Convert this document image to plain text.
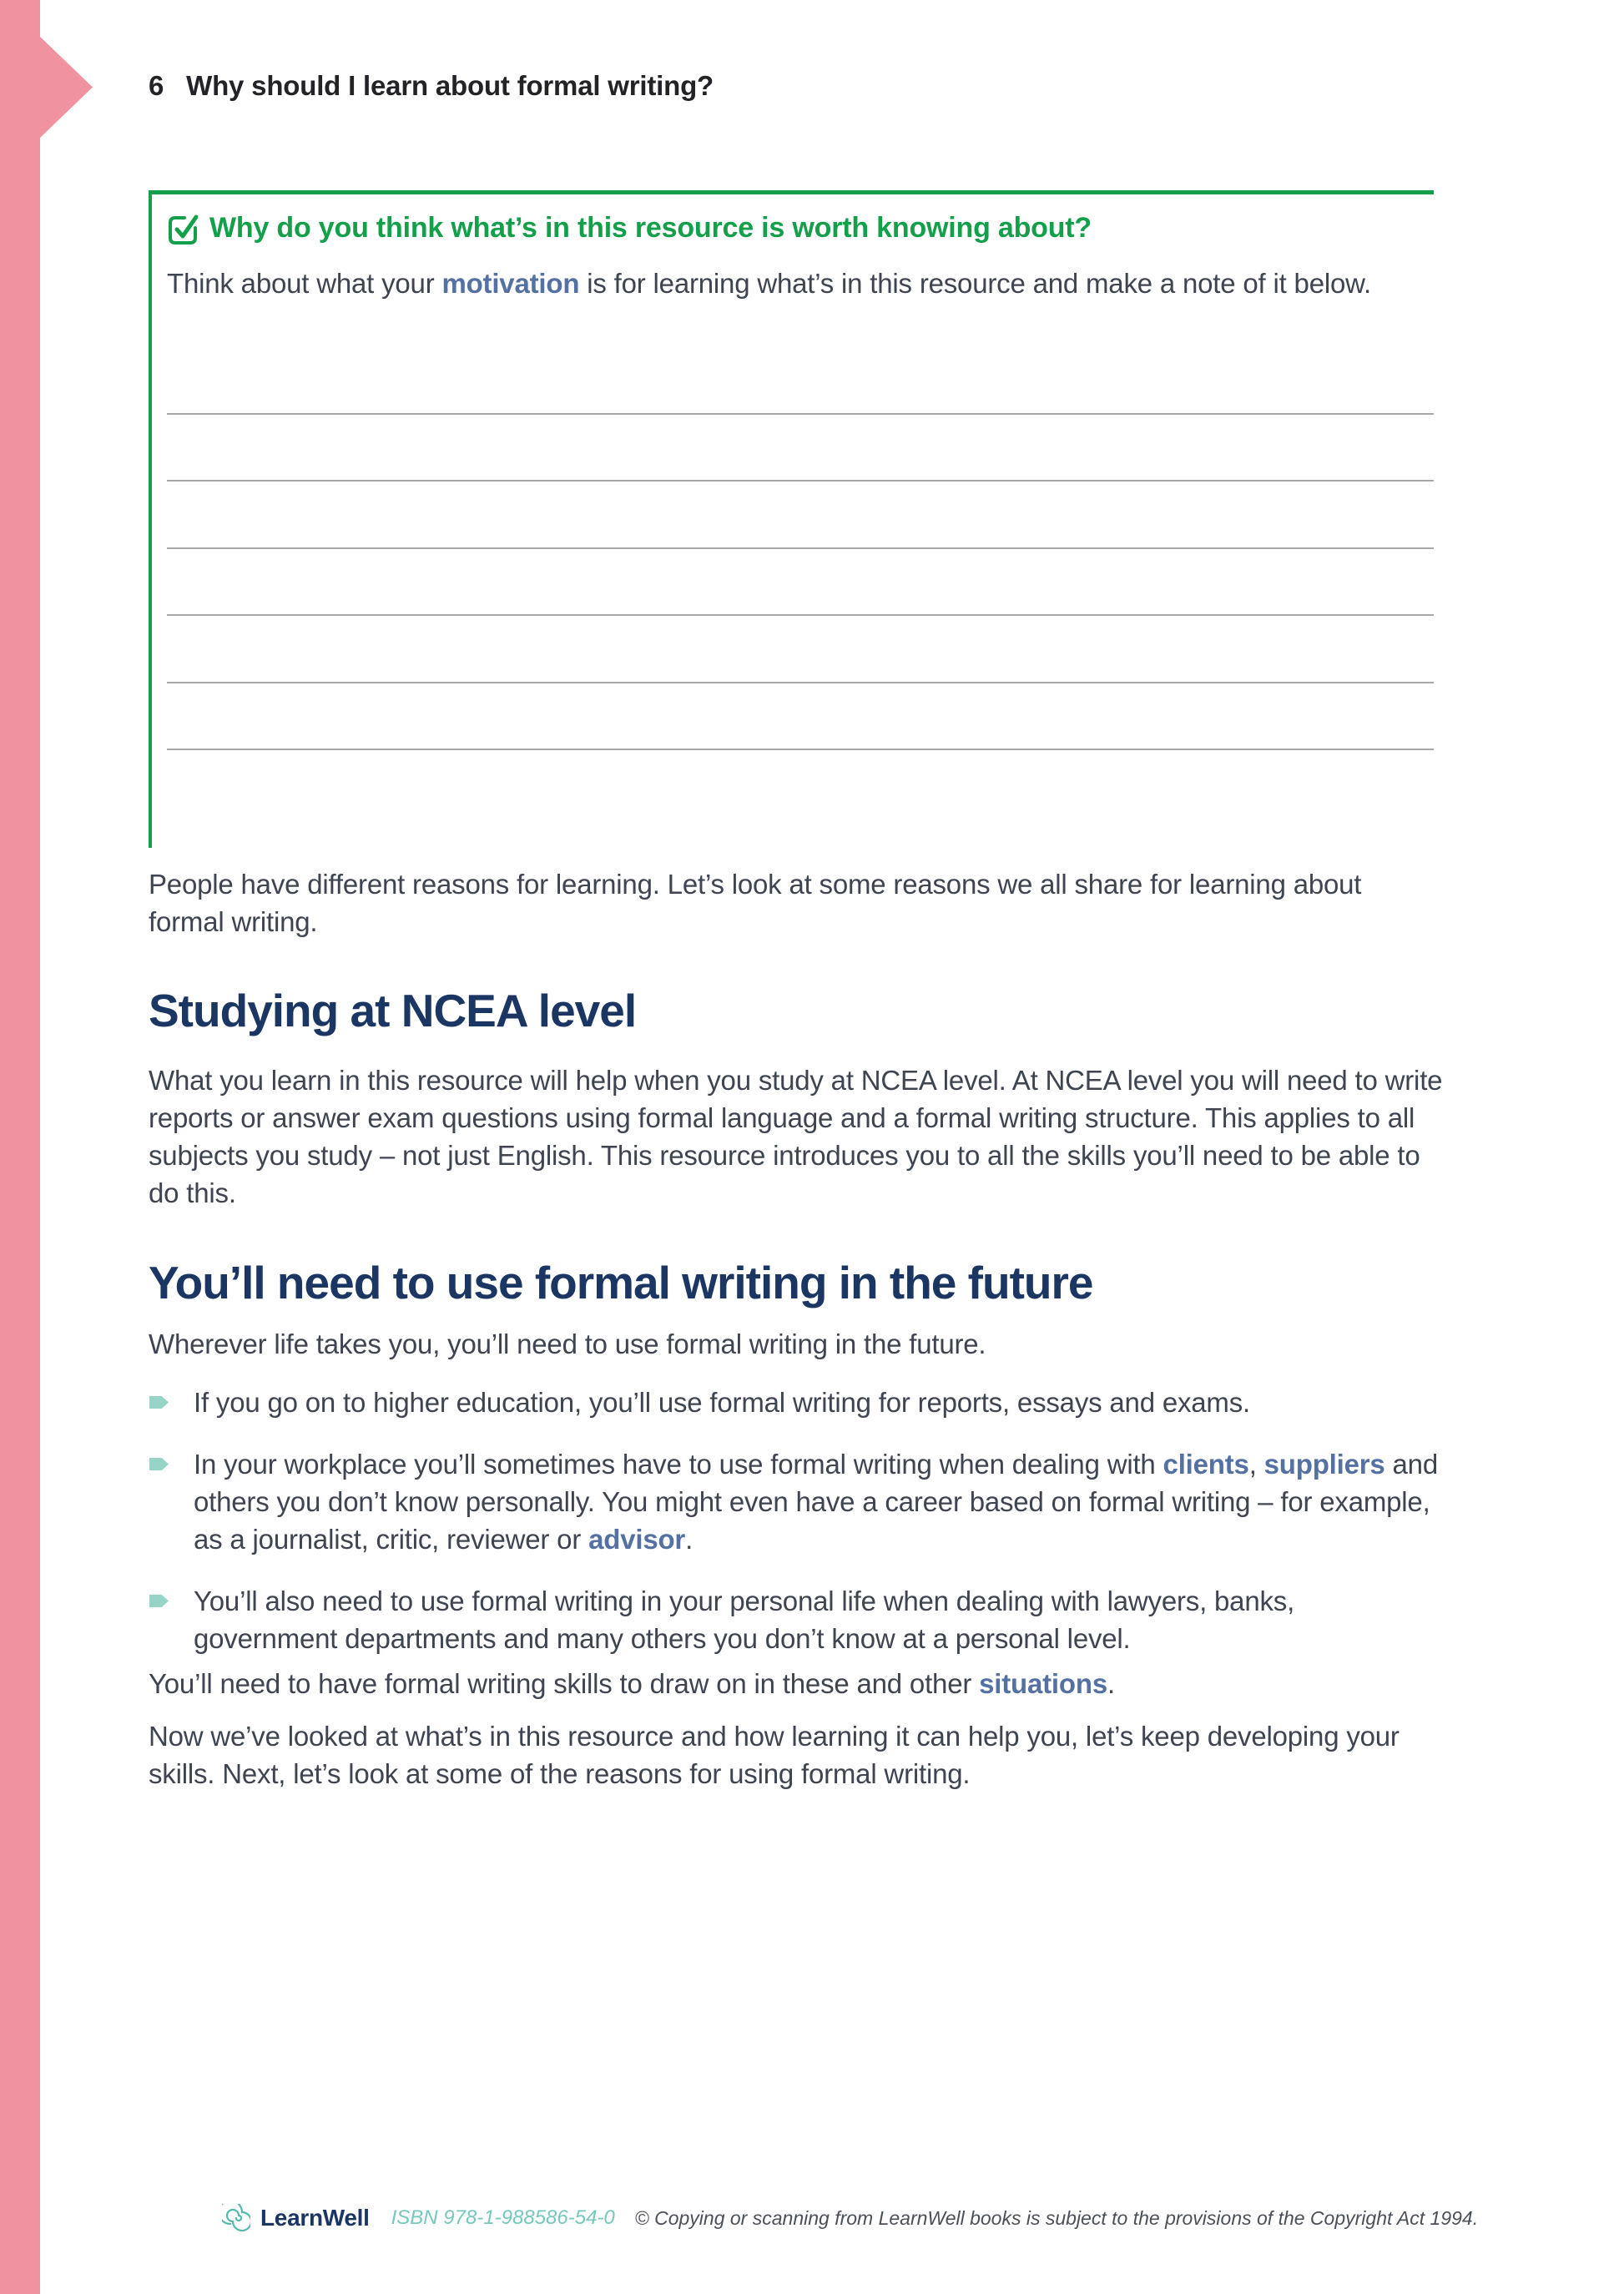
6 Why should I learn about formal writing?
Why do you think what’s in this resource is worth knowing about?
Think about what your motivation is for learning what’s in this resource and make a note of it below.
People have different reasons for learning. Let’s look at some reasons we all share for learning about formal writing.
Studying at NCEA level
What you learn in this resource will help when you study at NCEA level. At NCEA level you will need to write reports or answer exam questions using formal language and a formal writing structure. This applies to all subjects you study – not just English. This resource introduces you to all the skills you’ll need to be able to do this.
You’ll need to use formal writing in the future
Wherever life takes you, you’ll need to use formal writing in the future.
If you go on to higher education, you’ll use formal writing for reports, essays and exams.
In your workplace you’ll sometimes have to use formal writing when dealing with clients, suppliers and others you don’t know personally. You might even have a career based on formal writing – for example, as a journalist, critic, reviewer or advisor.
You’ll also need to use formal writing in your personal life when dealing with lawyers, banks, government departments and many others you don’t know at a personal level.
You’ll need to have formal writing skills to draw on in these and other situations.
Now we’ve looked at what’s in this resource and how learning it can help you, let’s keep developing your skills. Next, let’s look at some of the reasons for using formal writing.
LearnWell ISBN 978-1-988586-54-0 © Copying or scanning from LearnWell books is subject to the provisions of the Copyright Act 1994.
